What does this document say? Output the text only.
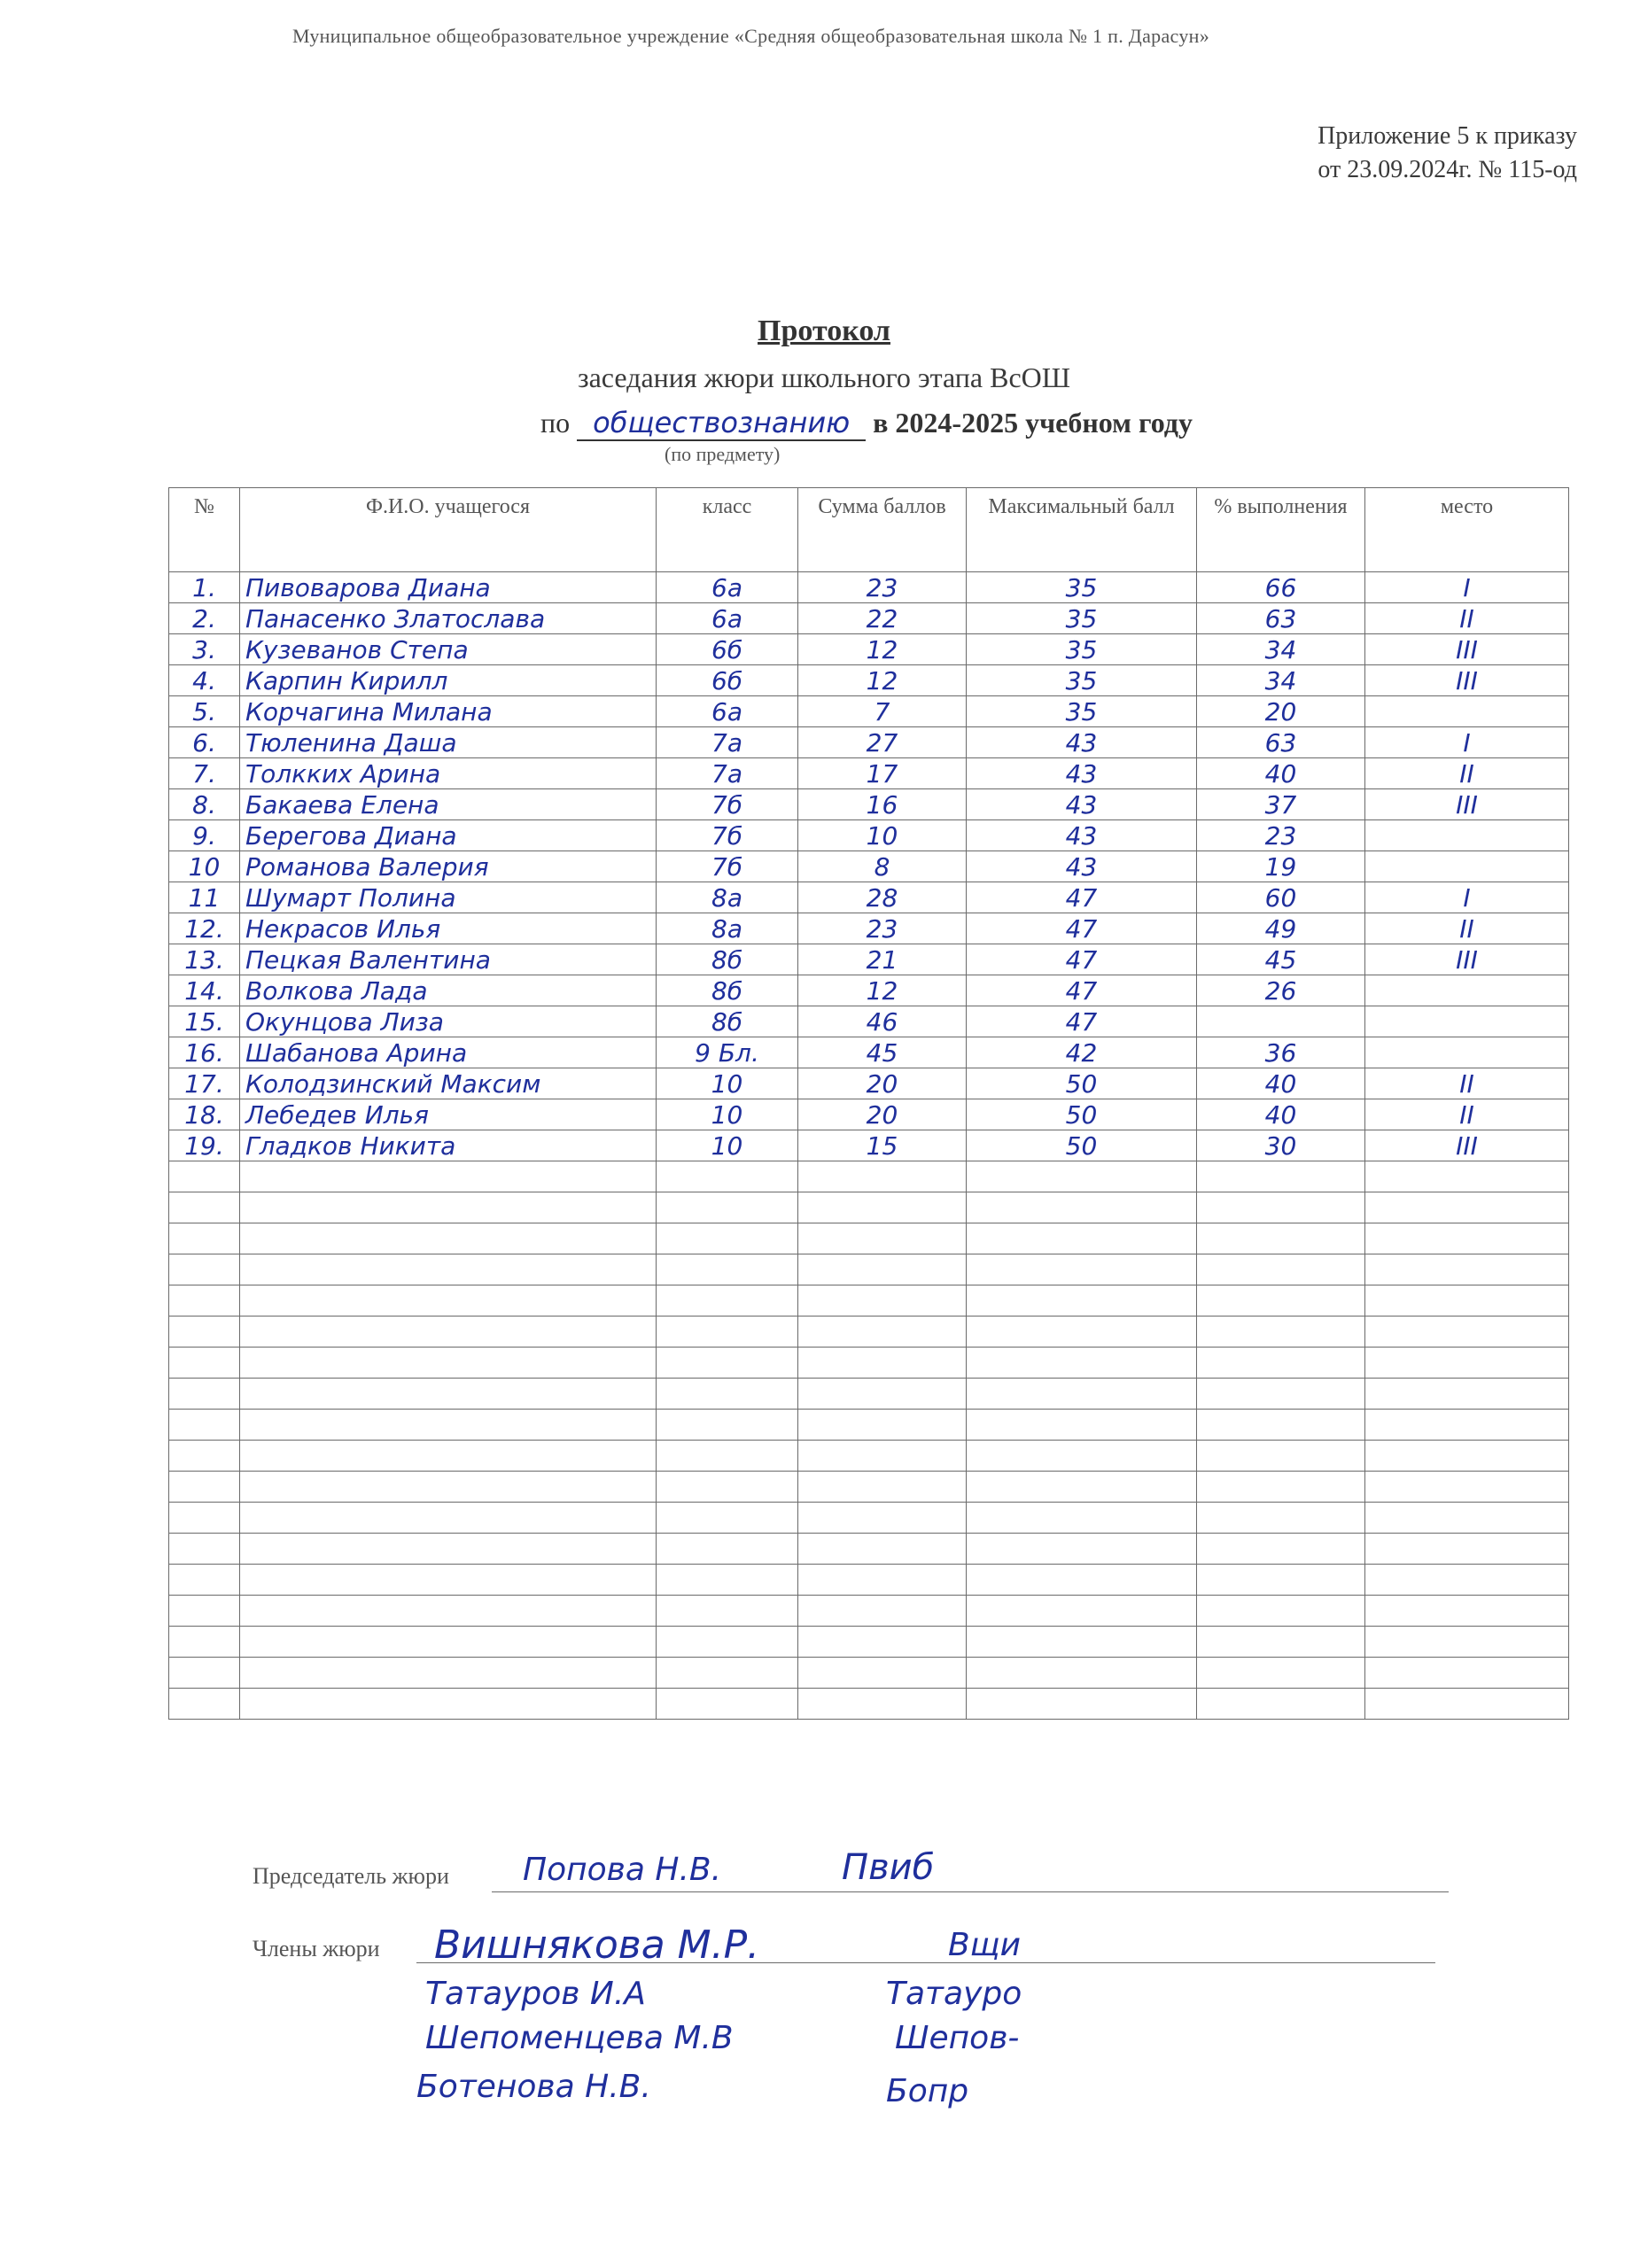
Муниципальное общеобразовательное учреждение «Средняя общеобразовательная школа № 1 п. Дарасун»
Приложение 5 к приказу
от 23.09.2024г. № 115-од
Протокол
заседания жюри школьного этапа ВсОШ
по обществознанию в 2024-2025 учебном году
(по предмету)
№	Ф.И.О. учащегося	класс	Сумма баллов	Максимальный балл	% выполнения	место
1.	Пивоварова Диана	6а	23	35	66	I
2.	Панасенко Златослава	6а	22	35	63	II
3.	Кузеванов Степа	6б	12	35	34	III
4.	Карпин Кирилл	6б	12	35	34	III
5.	Корчагина Милана	6а	7	35	20	
6.	Тюленина Даша	7а	27	43	63	I
7.	Толкких Арина	7а	17	43	40	II
8.	Бакаева Елена	7б	16	43	37	III
9.	Берегова Диана	7б	10	43	23	
10	Романова Валерия	7б	8	43	19	
11	Шумарт Полина	8а	28	47	60	I
12.	Некрасов Илья	8а	23	47	49	II
13.	Пецкая Валентина	8б	21	47	45	III
14.	Волкова Лада	8б	12	47	26	
15.	Окунцова Лиза	8б	46	47		
16.	Шабанова Арина	9 Бл.	45	42	36	
17.	Колодзинский Максим	10	20	50	40	II
18.	Лебедев Илья	10	20	50	40	II
19.	Гладков Никита	10	15	50	30	III

Председатель жюри Попова Н.В.	Пвиб
Члены жюри Вишнякова М.Р.	Вщи
Татауров И.А	Татауро
Шепоменцева М.В	Шепов-
Ботенова Н.В.	Бопр
